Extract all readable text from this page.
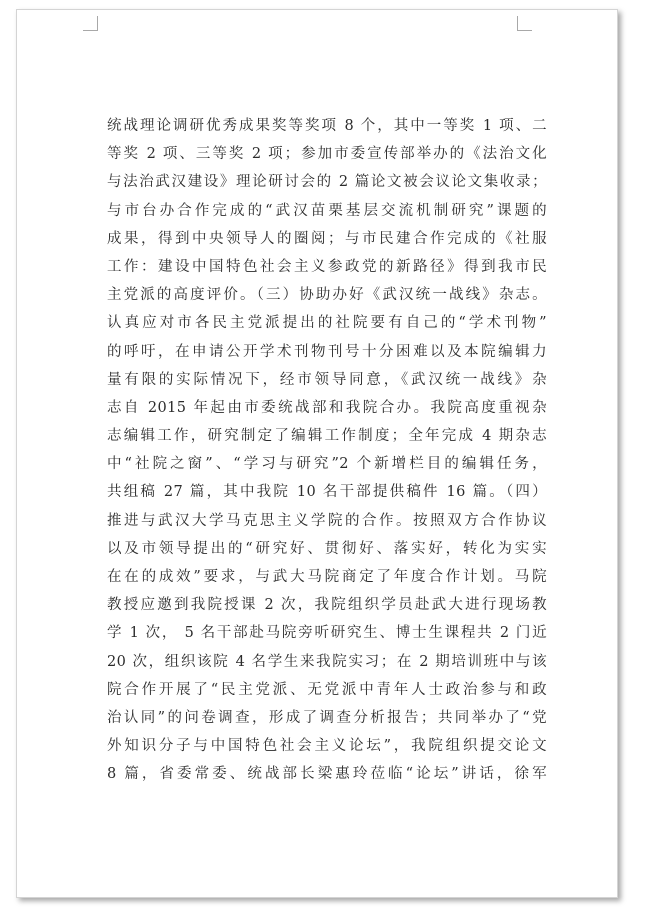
统战理论调研优秀成果奖等奖项 8 个，其中一等奖 1 项、二
等奖 2 项、三等奖 2 项；参加市委宣传部举办的《法治文化
与法治武汉建设》理论研讨会的 2 篇论文被会议论文集收录；
与市台办合作完成的“武汉苗栗基层交流机制研究”课题的
成果，得到中央领导人的圈阅；与市民建合作完成的《社服
工作：建设中国特色社会主义参政党的新路径》得到我市民
主党派的高度评价。（三）协助办好《武汉统一战线》杂志。
认真应对市各民主党派提出的社院要有自己的“学术刊物”
的呼吁，在申请公开学术刊物刊号十分困难以及本院编辑力
量有限的实际情况下，经市领导同意，《武汉统一战线》杂
志自 2015 年起由市委统战部和我院合办。我院高度重视杂
志编辑工作，研究制定了编辑工作制度；全年完成 4 期杂志
中“社院之窗”、“学习与研究”2 个新增栏目的编辑任务，
共组稿 27 篇，其中我院 10 名干部提供稿件 16 篇。（四）
推进与武汉大学马克思主义学院的合作。按照双方合作协议
以及市领导提出的“研究好、贯彻好、落实好，转化为实实
在在的成效”要求，与武大马院商定了年度合作计划。马院
教授应邀到我院授课 2 次，我院组织学员赴武大进行现场教
学 1 次， 5 名干部赴马院旁听研究生、博士生课程共 2 门近
20 次，组织该院 4 名学生来我院实习；在 2 期培训班中与该
院合作开展了“民主党派、无党派中青年人士政治参与和政
治认同”的问卷调查，形成了调查分析报告；共同举办了“党
外知识分子与中国特色社会主义论坛”，我院组织提交论文
8 篇，省委常委、统战部长梁惠玲莅临“论坛”讲话，徐军
